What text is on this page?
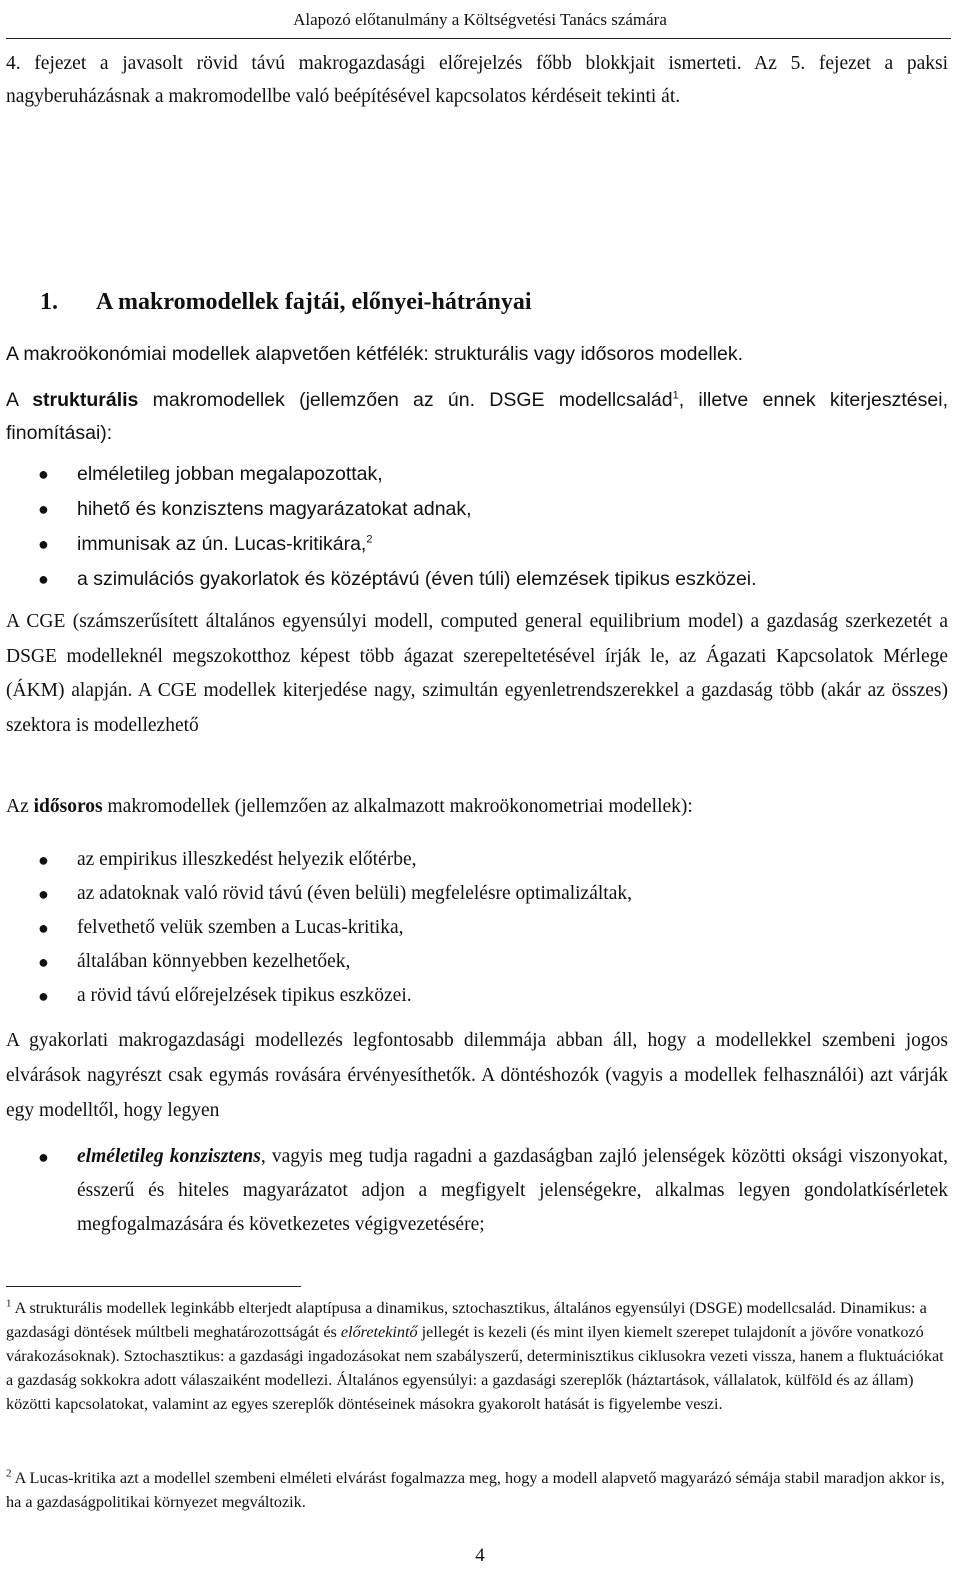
Alapozó előtanulmány a Költségvetési Tanács számára

4. fejezet a javasolt rövid távú makrogazdasági előrejelzés főbb blokkjait ismerteti. Az 5. fejezet a paksi nagyberuházásnak a makromodellbe való beépítésével kapcsolatos kérdéseit tekinti át.

1. A makromodellek fajtái, előnyei-hátrányai

A makroökonómiai modellek alapvetően kétfélék: strukturális vagy idősoros modellek.

A strukturális makromodellek (jellemzően az ún. DSGE modellcsalád$^1$, illetve ennek kiterjesztései, finomításai):

● elméletileg jobban megalapozottak,
● hihető és konzisztens magyarázatokat adnak,
● immunisak az ún. Lucas-kritikára,$^2$
● a szimulációs gyakorlatok és középtávú (éven túli) elemzések tipikus eszközei.

A CGE (számszerűsített általános egyensúlyi modell, computed general equilibrium model) a gazdaság szerkezetét a DSGE modelleknél megszokotthoz képest több ágazat szerepeltetésével írják le, az Ágazati Kapcsolatok Mérlege (ÁKM) alapján. A CGE modellek kiterjedése nagy, szimultán egyenletrendszerekkel a gazdaság több (akár az összes) szektora is modellezhető

Az idősoros makromodellek (jellemzően az alkalmazott makroökonometriai modellek):

● az empirikus illeszkedést helyezik előtérbe,
● az adatoknak való rövid távú (éven belüli) megfelelésre optimalizáltak,
● felvethető velük szemben a Lucas-kritika,
● általában könnyebben kezelhetőek,
● a rövid távú előrejelzések tipikus eszközei.

A gyakorlati makrogazdasági modellezés legfontosabb dilemmája abban áll, hogy a modellekkel szembeni jogos elvárások nagyrészt csak egymás rovására érvényesíthetők. A döntéshozók (vagyis a modellek felhasználói) azt várják egy modelltől, hogy legyen

● elméletileg konzisztens, vagyis meg tudja ragadni a gazdaságban zajló jelenségek közötti oksági viszonyokat, ésszerű és hiteles magyarázatot adjon a megfigyelt jelenségekre, alkalmas legyen gondolatkísérletek megfogalmazására és következetes végigvezetésére;

$^1$ A strukturális modellek leginkább elterjedt alaptípusa a dinamikus, sztochasztikus, általános egyensúlyi (DSGE) modellcsalád. Dinamikus: a gazdasági döntések múltbeli meghatározottságát és előretekintő jellegét is kezeli (és mint ilyen kiemelt szerepet tulajdonít a jövőre vonatkozó várakozásoknak). Sztochasztikus: a gazdasági ingadozásokat nem szabályszerű, determinisztikus ciklusokra vezeti vissza, hanem a fluktuációkat a gazdaság sokkokra adott válaszaiként modellezi. Általános egyensúlyi: a gazdasági szereplők (háztartások, vállalatok, külföld és az állam) közötti kapcsolatokat, valamint az egyes szereplők döntéseinek másokra gyakorolt hatását is figyelembe veszi.

$^2$ A Lucas-kritika azt a modellel szembeni elméleti elvárást fogalmazza meg, hogy a modell alapvető magyarázó sémája stabil maradjon akkor is, ha a gazdaságpolitikai környezet megváltozik.

4
